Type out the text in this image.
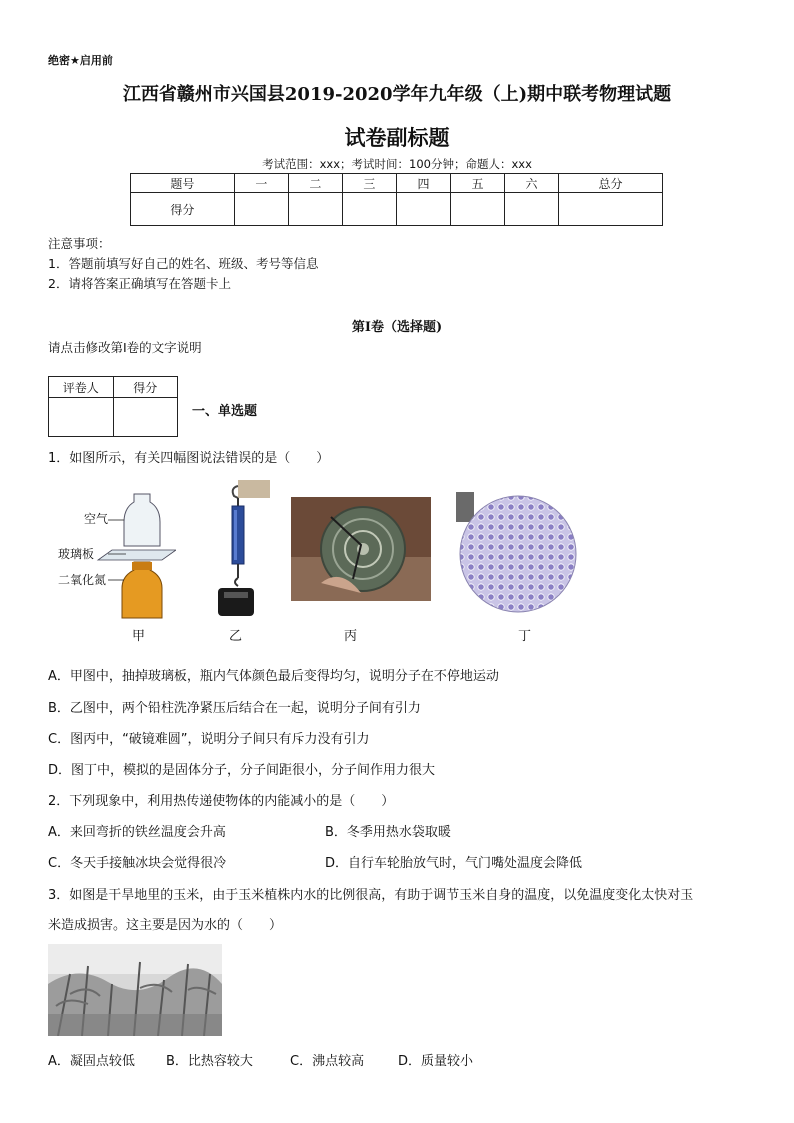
绝密★启用前
江西省赣州市兴国县2019-2020学年九年级（上)期中联考物理试题
试卷副标题
考试范围：xxx；考试时间：100分钟；命题人：xxx
题号	一	二	三	四	五	六	总分
得分							
注意事项：
1．答题前填写好自己的姓名、班级、考号等信息
2．请将答案正确填写在答题卡上
第I卷（选择题)
请点击修改第I卷的文字说明
评卷人	得分

一、单选题
1．如图所示，有关四幅图说法错误的是（　　）
空气
玻璃板
二氧化氮
甲	乙	丙	丁
A．甲图中，抽掉玻璃板，瓶内气体颜色最后变得均匀，说明分子在不停地运动
B．乙图中，两个铅柱洗净紧压后结合在一起，说明分子间有引力
C．图丙中，“破镜难圆”，说明分子间只有斥力没有引力
D．图丁中，模拟的是固体分子，分子间距很小，分子间作用力很大
2．下列现象中，利用热传递使物体的内能减小的是（　　）
A．来回弯折的铁丝温度会升高	B．冬季用热水袋取暖
C．冬天手接触冰块会觉得很冷	D．自行车轮胎放气时，气门嘴处温度会降低
3．如图是干旱地里的玉米，由于玉米植株内水的比例很高，有助于调节玉米自身的温度，以免温度变化太快对玉
米造成损害。这主要是因为水的（　　）
A．凝固点较低 B．比热容较大	C．沸点较高	D．质量较小
